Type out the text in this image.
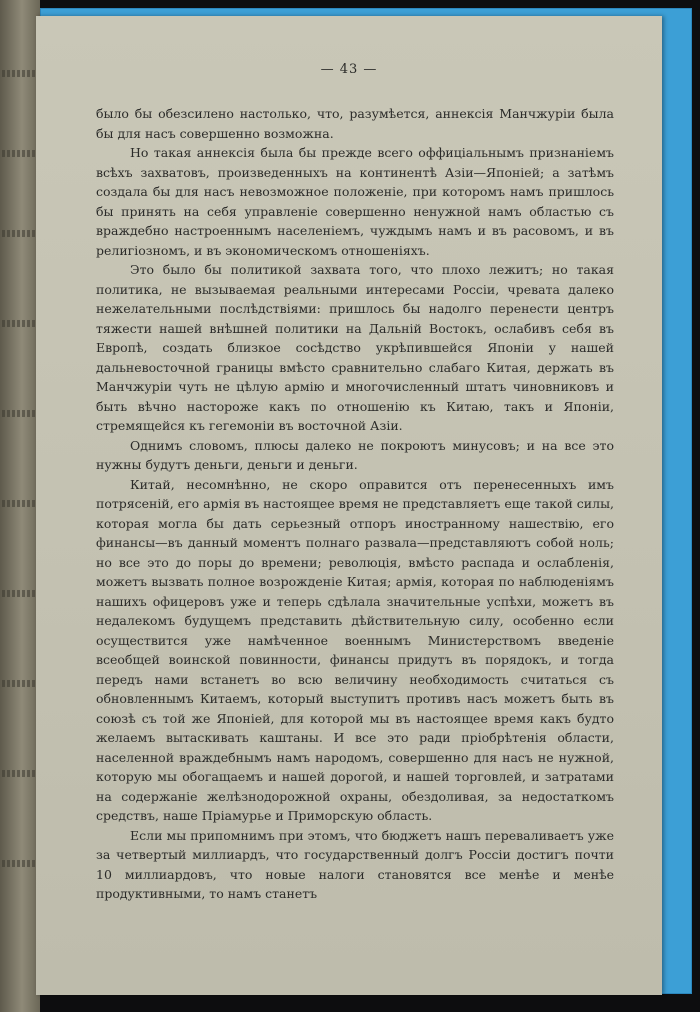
— 43 —

было бы обезсилено настолько, что, разумѣется, аннексія Манчжуріи была бы для насъ совершенно возможна.

Но такая аннексія была бы прежде всего оффиціальнымъ признаніемъ всѣхъ захватовъ, произведенныхъ на континентѣ Азіи—Японіей; а затѣмъ создала бы для насъ невозможное положеніе, при которомъ намъ пришлось бы принять на себя управленіе совершенно ненужной намъ областью съ враждебно настроеннымъ населеніемъ, чуждымъ намъ и въ расовомъ, и въ религіозномъ, и въ экономическомъ отношеніяхъ.

Это было бы политикой захвата того, что плохо лежитъ; но такая политика, не вызываемая реальными интересами Россіи, чревата далеко нежелательными послѣдствіями: пришлось бы надолго перенести центръ тяжести нашей внѣшней политики на Дальній Востокъ, ослабивъ себя въ Европѣ, создать близкое сосѣдство укрѣпившейся Японіи у нашей дальневосточной границы вмѣсто сравнительно слабаго Китая, держать въ Манчжуріи чуть не цѣлую армію и многочисленный штатъ чиновниковъ и быть вѣчно настороже какъ по отношенію къ Китаю, такъ и Японіи, стремящейся къ гегемоніи въ восточной Азіи.

Однимъ словомъ, плюсы далеко не покроютъ минусовъ; и на все это нужны будутъ деньги, деньги и деньги.

Китай, несомнѣнно, не скоро оправится отъ перенесенныхъ имъ потрясеній, его армія въ настоящее время не представляетъ еще такой силы, которая могла бы дать серьезный отпоръ иностранному нашествію, его финансы—въ данный моментъ полнаго развала—представляютъ собой ноль; но все это до поры до времени; революція, вмѣсто распада и ослабленія, можетъ вызвать полное возрожденіе Китая; армія, которая по наблюденіямъ нашихъ офицеровъ уже и теперь сдѣлала значительные успѣхи, можетъ въ недалекомъ будущемъ представить дѣйствительную силу, особенно если осуществится уже намѣченное военнымъ Министерствомъ введеніе всеобщей воинской повинности, финансы придутъ въ порядокъ, и тогда передъ нами встанетъ во всю величину необходимость считаться съ обновленнымъ Китаемъ, который выступитъ противъ насъ можетъ быть въ союзѣ съ той же Японіей, для которой мы въ настоящее время какъ будто желаемъ вытаскивать каштаны. И все это ради пріобрѣтенія области, населенной враждебнымъ намъ народомъ, совершенно для насъ не нужной, которую мы обогащаемъ и нашей дорогой, и нашей торговлей, и затратами на содержаніе желѣзнодорожной охраны, обездоливая, за недостаткомъ средствъ, наше Пріамурье и Приморскую область.

Если мы припомнимъ при этомъ, что бюджетъ нашъ переваливаетъ уже за четвертый миллиардъ, что государственный долгъ Россіи достигъ почти 10 миллиардовъ, что новые налоги становятся все менѣе и менѣе продуктивными, то намъ станетъ
